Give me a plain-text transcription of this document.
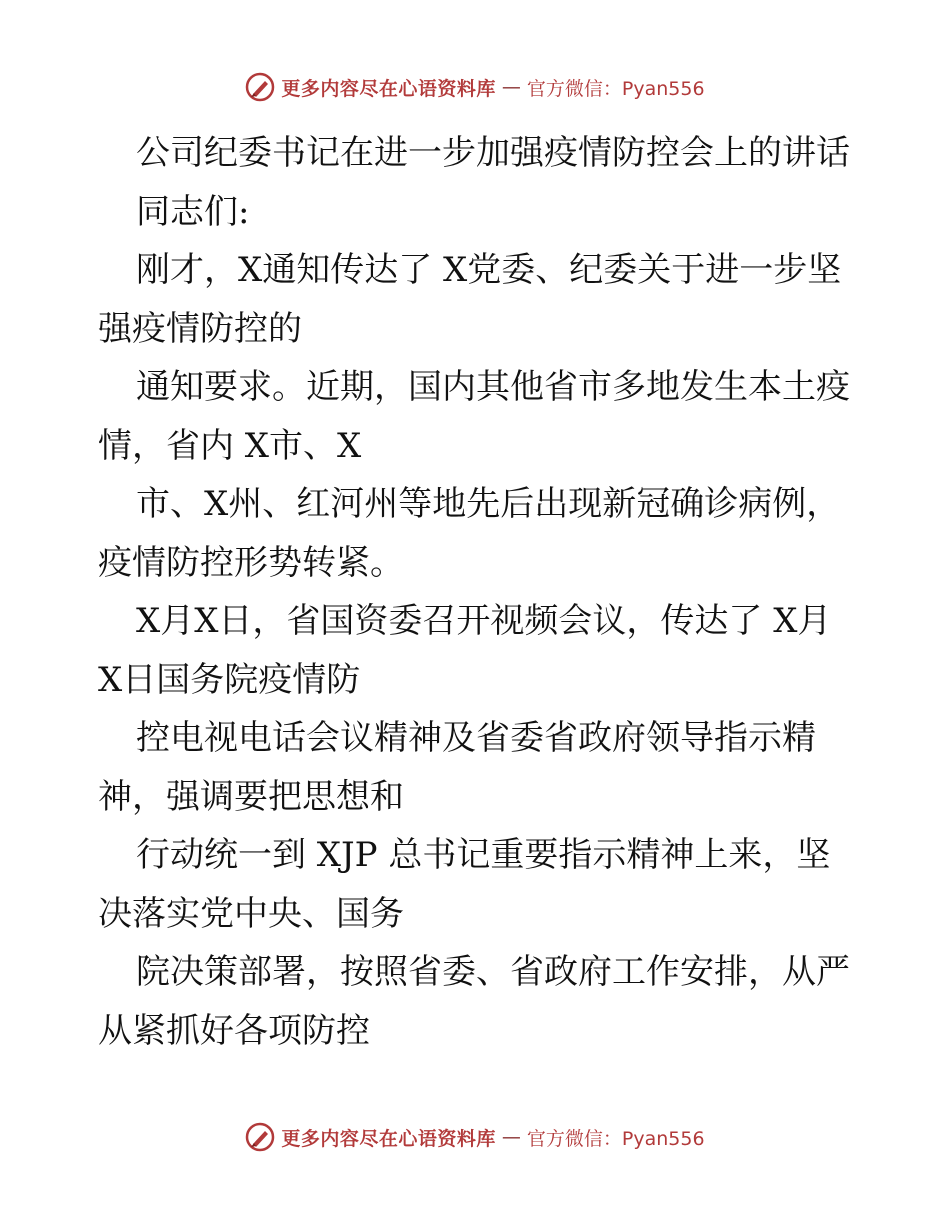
更多内容尽在心语资料库 — 官方微信：Pyan556
公司纪委书记在进一步加强疫情防控会上的讲话
同志们:
刚才，X通知传达了 X党委、纪委关于进一步坚
强疫情防控的
通知要求。近期，国内其他省市多地发生本土疫
情，省内 X市、X
市、X州、红河州等地先后出现新冠确诊病例，
疫情防控形势转紧。
X月X日，省国资委召开视频会议，传达了 X月
X日国务院疫情防
控电视电话会议精神及省委省政府领导指示精
神，强调要把思想和
行动统一到 XJP 总书记重要指示精神上来，坚
决落实党中央、国务
院决策部署，按照省委、省政府工作安排，从严
从紧抓好各项防控
更多内容尽在心语资料库 — 官方微信：Pyan556
